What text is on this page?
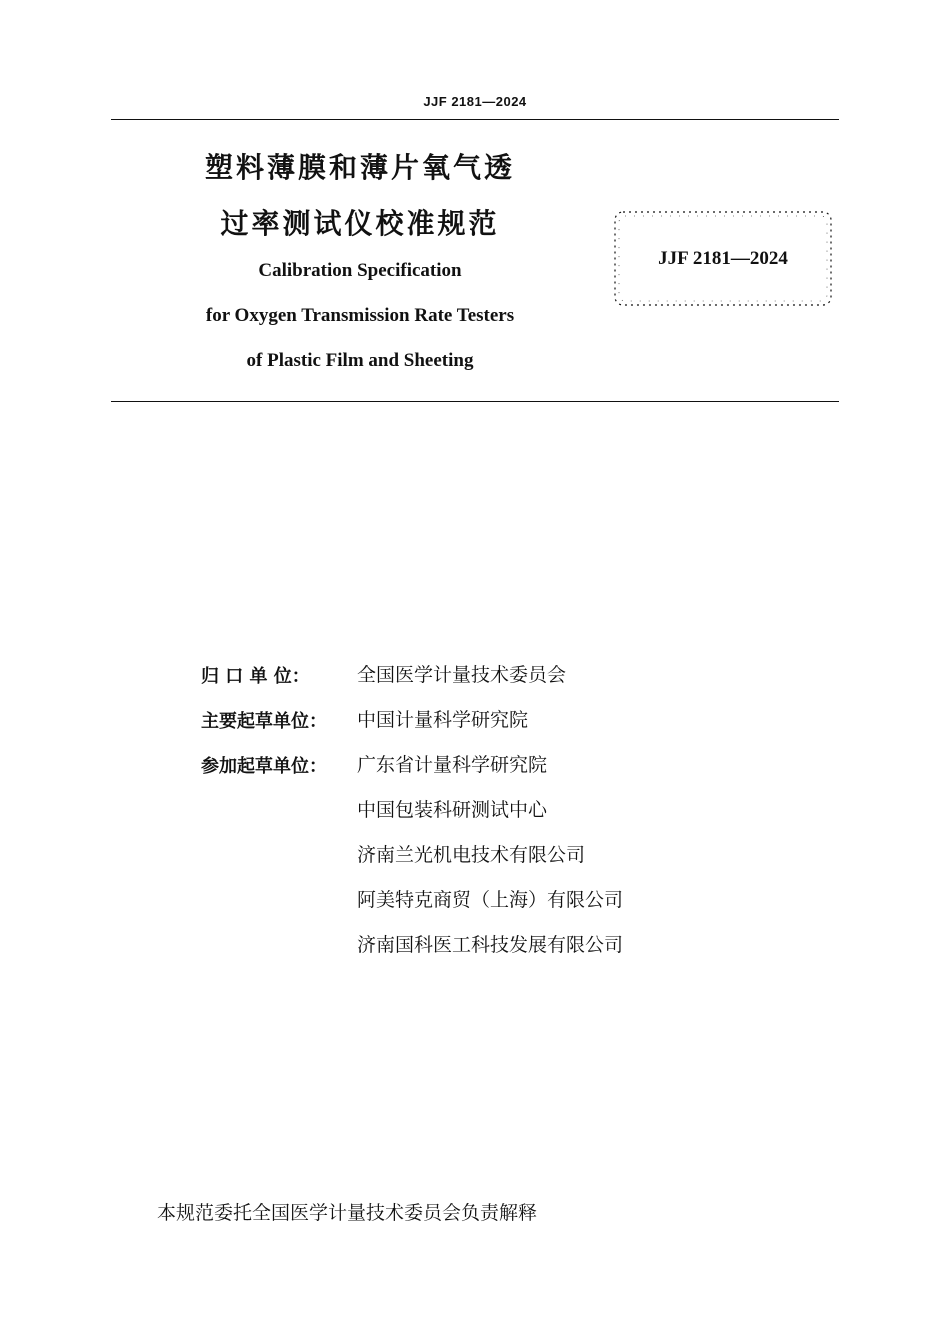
JJF 2181—2024
塑料薄膜和薄片氧气透
过率测试仪校准规范
Calibration Specification
for Oxygen Transmission Rate Testers
of Plastic Film and Sheeting
JJF 2181—2024
归 口 单 位：	全国医学计量技术委员会
主要起草单位：	中国计量科学研究院
参加起草单位：	广东省计量科学研究院
中国包装科研测试中心
济南兰光机电技术有限公司
阿美特克商贸（上海）有限公司
济南国科医工科技发展有限公司
本规范委托全国医学计量技术委员会负责解释
